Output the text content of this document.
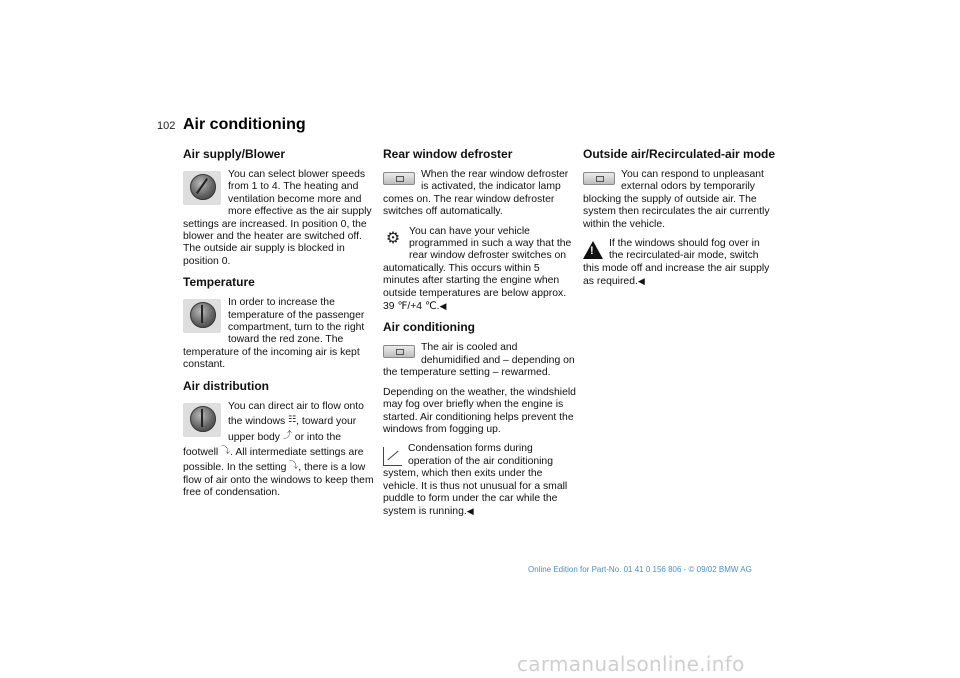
102 Air conditioning
Air supply/Blower

You can select blower speeds from 1 to 4. The heating and ventilation become more and more effective as the air supply settings are increased. In position 0, the blower and the heater are switched off. The outside air supply is blocked in position 0.

Temperature

In order to increase the temperature of the passenger compartment, turn to the right toward the red zone. The temperature of the incoming air is kept constant.

Air distribution

You can direct air to flow onto the windows ☷, toward your upper body ⤴ or into the footwell ⤵. All intermediate settings are possible. In the setting ⤵, there is a low flow of air onto the windows to keep them free of condensation.

Rear window defroster

When the rear window defroster is activated, the indicator lamp comes on. The rear window defroster switches off automatically.

⚙ You can have your vehicle programmed in such a way that the rear window defroster switches on automatically. This occurs within 5 minutes after starting the engine when outside temperatures are below approx. 39 ℉/+4 ℃.◀

Air conditioning

The air is cooled and dehumidified and – depending on the temperature setting – rewarmed.

Depending on the weather, the windshield may fog over briefly when the engine is started. Air conditioning helps prevent the windows from fogging up.

Condensation forms during operation of the air conditioning system, which then exits under the vehicle. It is thus not unusual for a small puddle to form under the car while the system is running.◀

Outside air/Recirculated-air mode

You can respond to unpleasant external odors by temporarily blocking the supply of outside air. The system then recirculates the air currently within the vehicle.

!

If the windows should fog over in the recirculated-air mode, switch this mode off and increase the air supply as required.◀

Online Edition for Part-No. 01 41 0 156 806 - © 09/02 BMW AG
carmanualsonline.info
